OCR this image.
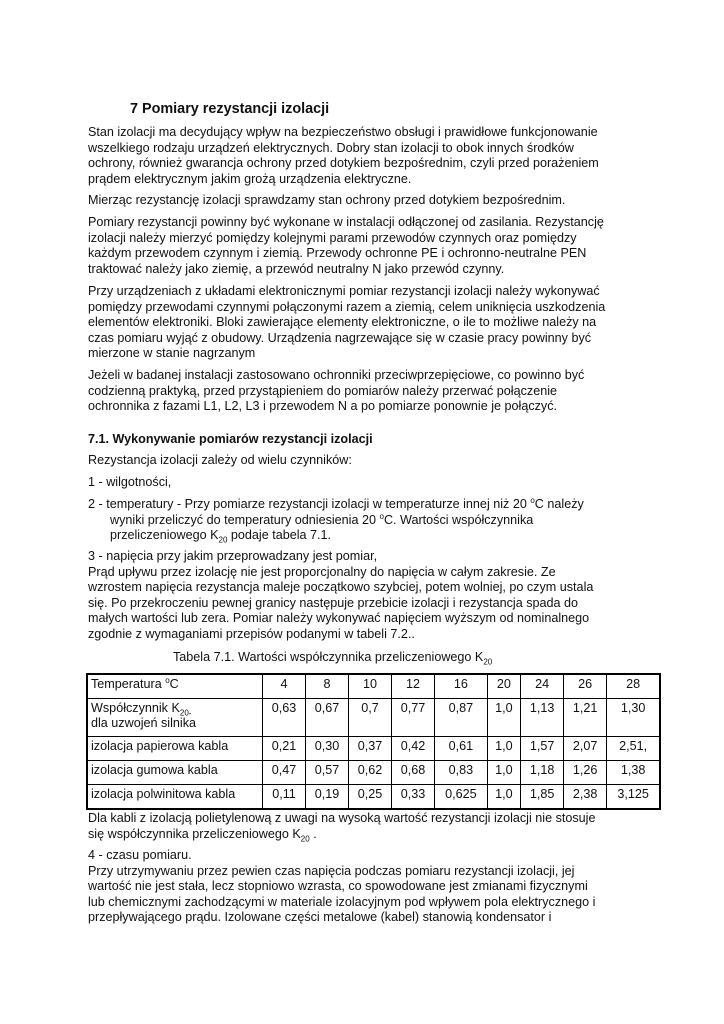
7 Pomiary rezystancji izolacji
Stan izolacji ma decydujący wpływ na bezpieczeństwo obsługi i prawidłowe funkcjonowanie
wszelkiego rodzaju urządzeń elektrycznych. Dobry stan izolacji to obok innych środków
ochrony, również gwarancja ochrony przed dotykiem bezpośrednim, czyli przed porażeniem
prądem elektrycznym jakim grożą urządzenia elektryczne.
Mierząc rezystancję izolacji sprawdzamy stan ochrony przed dotykiem bezpośrednim.
Pomiary rezystancji powinny być wykonane w instalacji odłączonej od zasilania. Rezystancję
izolacji należy mierzyć pomiędzy kolejnymi parami przewodów czynnych oraz pomiędzy
każdym przewodem czynnym i ziemią. Przewody ochronne PE i ochronno-neutralne PEN
traktować należy jako ziemię, a przewód neutralny N jako przewód czynny.
Przy urządzeniach z układami elektronicznymi pomiar rezystancji izolacji należy wykonywać
pomiędzy przewodami czynnymi połączonymi razem a ziemią, celem uniknięcia uszkodzenia
elementów elektroniki. Bloki zawierające elementy elektroniczne, o ile to możliwe należy na
czas pomiaru wyjąć z obudowy. Urządzenia nagrzewające się w czasie pracy powinny być
mierzone w stanie nagrzanym
Jeżeli w badanej instalacji zastosowano ochronniki przeciwprzepięciowe, co powinno być
codzienną praktyką, przed przystąpieniem do pomiarów należy przerwać połączenie
ochronnika z fazami L1, L2, L3 i przewodem N a po pomiarze ponownie je połączyć.
7.1. Wykonywanie pomiarów rezystancji izolacji
Rezystancja izolacji zależy od wielu czynników:
1 - wilgotności,
2 - temperatury - Przy pomiarze rezystancji izolacji w temperaturze innej niż 20 $^o$C należy
wyniki przeliczyć do temperatury odniesienia 20 $^o$C. Wartości współczynnika
przeliczeniowego $K_{20}$ podaje tabela 7.1.
3 - napięcia przy jakim przeprowadzany jest pomiar,
Prąd upływu przez izolację nie jest proporcjonalny do napięcia w całym zakresie. Ze
wzrostem napięcia rezystancja maleje początkowo szybciej, potem wolniej, po czym ustala
się. Po przekroczeniu pewnej granicy następuje przebicie izolacji i rezystancja spada do
małych wartości lub zera. Pomiar należy wykonywać napięciem wyższym od nominalnego
zgodnie z wymaganiami przepisów podanymi w tabeli 7.2..
Tabela 7.1. Wartości współczynnika przeliczeniowego $K_{20}$
Temperatura $^o$C	4	8	10	12	16	20	24	26	28
Współczynnik $K_{20-}$
dla uzwojeń silnika	0,63	0,67	0,7	0,77	0,87	1,0	1,13	1,21	1,30
izolacja papierowa kabla	0,21	0,30	0,37	0,42	0,61	1,0	1,57	2,07	2,51,
izolacja gumowa kabla	0,47	0,57	0,62	0,68	0,83	1,0	1,18	1,26	1,38
izolacja polwinitowa kabla	0,11	0,19	0,25	0,33	0,625	1,0	1,85	2,38	3,125
Dla kabli z izolacją polietylenową z uwagi na wysoką wartość rezystancji izolacji nie stosuje
się współczynnika przeliczeniowego $K_{20}$ .
4 - czasu pomiaru.
Przy utrzymywaniu przez pewien czas napięcia podczas pomiaru rezystancji izolacji, jej
wartość nie jest stała, lecz stopniowo wzrasta, co spowodowane jest zmianami fizycznymi
lub chemicznymi zachodzącymi w materiale izolacyjnym pod wpływem pola elektrycznego i
przepływającego prądu. Izolowane części metalowe (kabel) stanowią kondensator i
